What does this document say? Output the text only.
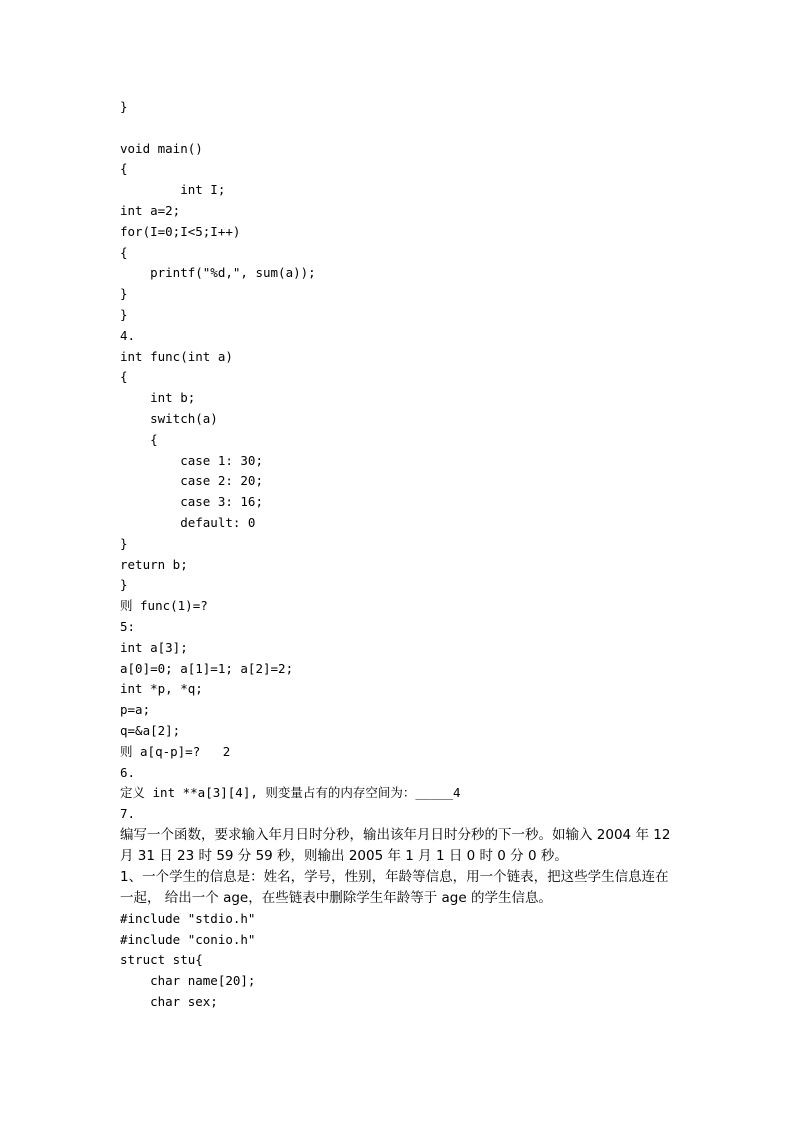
}
void main()
{
int I;
int a=2;
for(I=0;I<5;I++)
{
printf("%d,", sum(a));
}
}
4.
int func(int a)
{
int b;
switch(a)
{
case 1: 30;
case 2: 20;
case 3: 16;
default: 0
}
return b;
}
则 func(1)=?
5:
int a[3];
a[0]=0; a[1]=1; a[2]=2;
int *p, *q;
p=a;
q=&a[2];
则 a[q-p]=?   2
6.
定义 int **a[3][4], 则变量占有的内存空间为：_____4
7.
编写一个函数，要求输入年月日时分秒，输出该年月日时分秒的下一秒。如输入 2004 年 12 月 31 日 23 时 59 分 59 秒，则输出 2005 年 1 月 1 日 0 时 0 分 0 秒。
1、一个学生的信息是：姓名，学号，性别，年龄等信息，用一个链表，把这些学生信息连在一起， 给出一个 age，在些链表中删除学生年龄等于 age 的学生信息。
#include "stdio.h"
#include "conio.h"
struct stu{
char name[20];
char sex;
